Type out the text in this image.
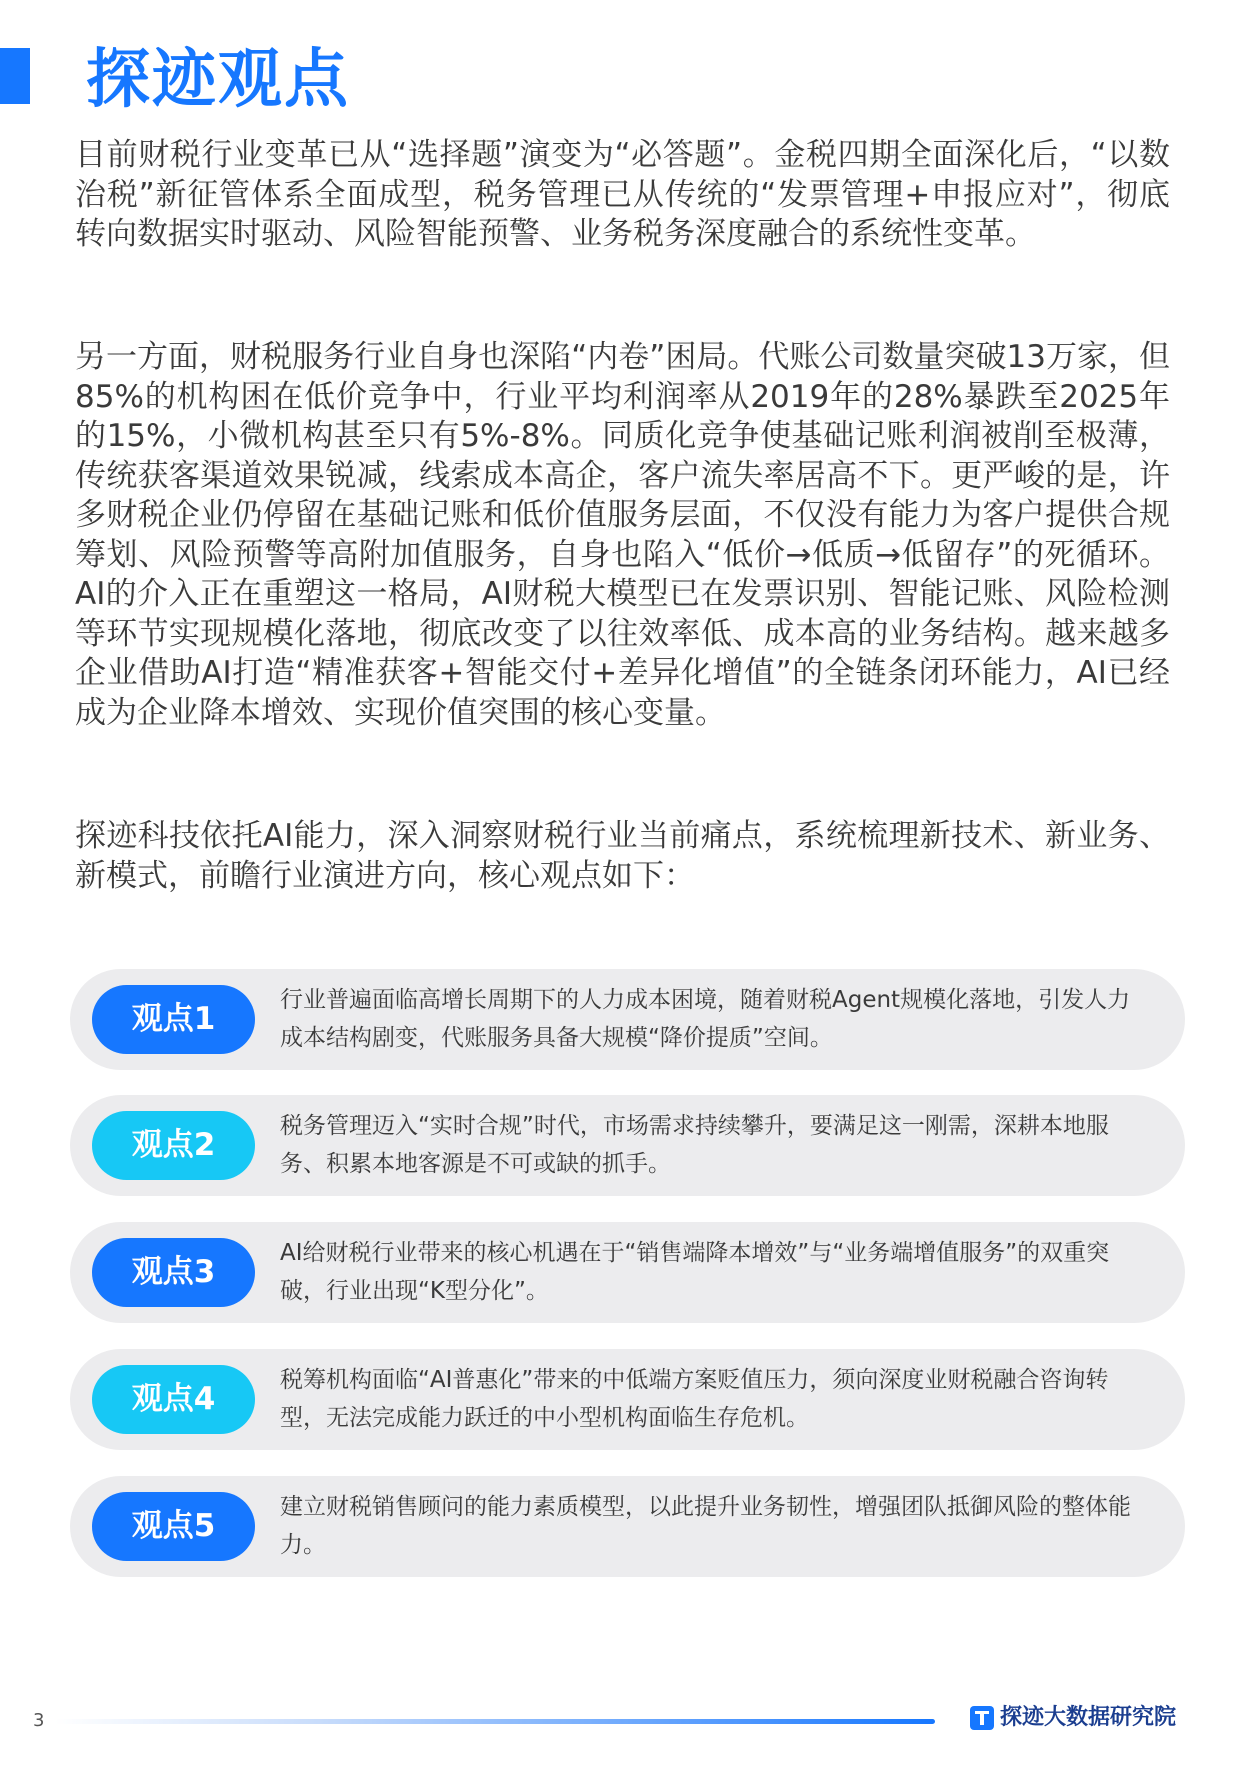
探迹观点

目前财税行业变革已从“选择题”演变为“必答题”。金税四期全面深化后，“以数治税”新征管体系全面成型，税务管理已从传统的“发票管理+申报应对”，彻底转向数据实时驱动、风险智能预警、业务税务深度融合的系统性变革。

另一方面，财税服务行业自身也深陷“内卷”困局。代账公司数量突破13万家，但85%的机构困在低价竞争中，行业平均利润率从2019年的28%暴跌至2025年的15%，小微机构甚至只有5%-8%。同质化竞争使基础记账利润被削至极薄，传统获客渠道效果锐减，线索成本高企，客户流失率居高不下。更严峻的是，许多财税企业仍停留在基础记账和低价值服务层面，不仅没有能力为客户提供合规筹划、风险预警等高附加值服务，自身也陷入“低价→低质→低留存”的死循环。AI的介入正在重塑这一格局，AI财税大模型已在发票识别、智能记账、风险检测等环节实现规模化落地，彻底改变了以往效率低、成本高的业务结构。越来越多企业借助AI打造“精准获客+智能交付+差异化增值”的全链条闭环能力，AI已经成为企业降本增效、实现价值突围的核心变量。

探迹科技依托AI能力，深入洞察财税行业当前痛点，系统梳理新技术、新业务、新模式，前瞻行业演进方向，核心观点如下：

观点1
行业普遍面临高增长周期下的人力成本困境，随着财税Agent规模化落地，引发人力成本结构剧变，代账服务具备大规模“降价提质”空间。
观点2
税务管理迈入“实时合规”时代，市场需求持续攀升，要满足这一刚需，深耕本地服务、积累本地客源是不可或缺的抓手。
观点3
AI给财税行业带来的核心机遇在于“销售端降本增效”与“业务端增值服务”的双重突破，行业出现“K型分化”。
观点4
税筹机构面临“AI普惠化”带来的中低端方案贬值压力，须向深度业财税融合咨询转型，无法完成能力跃迁的中小型机构面临生存危机。
观点5
建立财税销售顾问的能力素质模型，以此提升业务韧性，增强团队抵御风险的整体能力。
3	探迹大数据研究院
